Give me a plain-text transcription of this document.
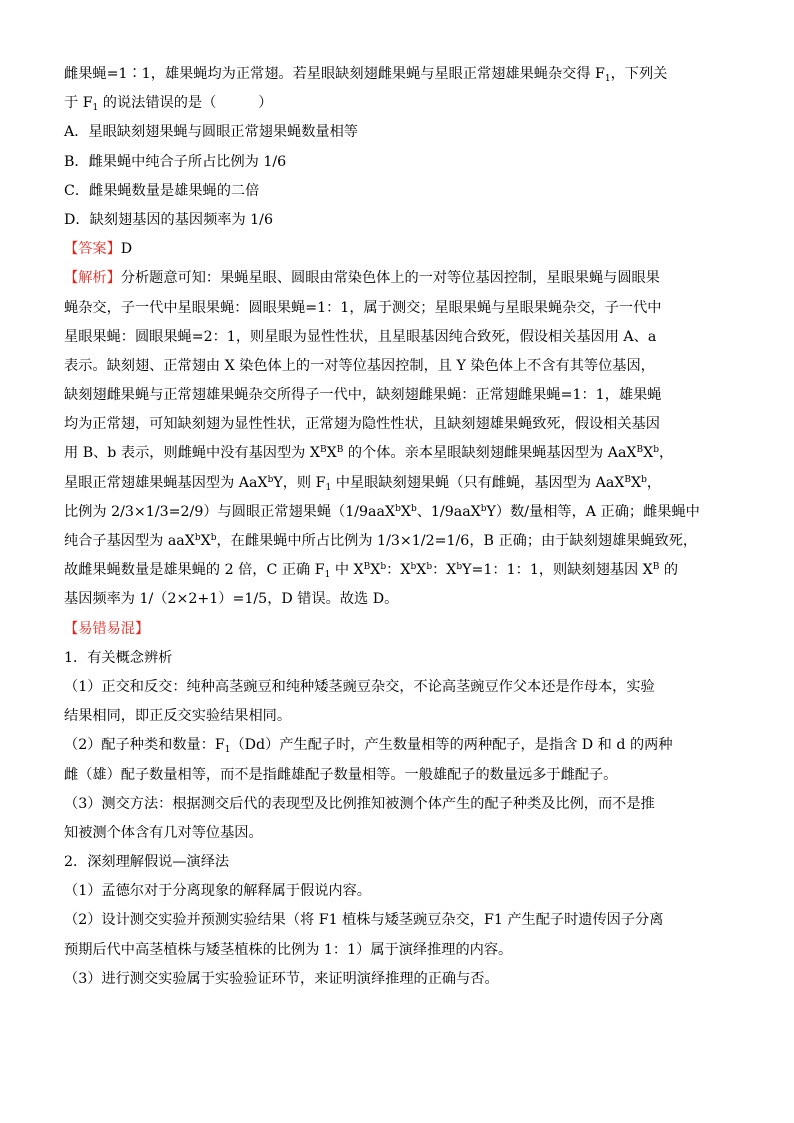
雌果蝇=1∶1，雄果蝇均为正常翅。若星眼缺刻翅雌果蝇与星眼正常翅雄果蝇杂交得 $F_1$，下列关

于 $F_1$ 的说法错误的是（	）

A．星眼缺刻翅果蝇与圆眼正常翅果蝇数量相等

B．雌果蝇中纯合子所占比例为 1/6

C．雌果蝇数量是雄果蝇的二倍

D．缺刻翅基因的基因频率为 1/6

【答案】D

【解析】分析题意可知：果蝇星眼、圆眼由常染色体上的一对等位基因控制，星眼果蝇与圆眼果

蝇杂交，子一代中星眼果蝇：圆眼果蝇=1：1，属于测交；星眼果蝇与星眼果蝇杂交，子一代中

星眼果蝇：圆眼果蝇=2：1，则星眼为显性性状，且星眼基因纯合致死，假设相关基因用 A、a

表示。缺刻翅、正常翅由 X 染色体上的一对等位基因控制，且 Y 染色体上不含有其等位基因，

缺刻翅雌果蝇与正常翅雄果蝇杂交所得子一代中，缺刻翅雌果蝇：正常翅雌果蝇=1：1，雄果蝇

均为正常翅，可知缺刻翅为显性性状，正常翅为隐性性状，且缺刻翅雄果蝇致死，假设相关基因

用 B、b 表示，则雌蝇中没有基因型为 $X^BX^B$ 的个体。亲本星眼缺刻翅雌果蝇基因型为 $AaX^BX^b$，

星眼正常翅雄果蝇基因型为 AaX$^b$Y，则 $F_1$ 中星眼缺刻翅果蝇（只有雌蝇，基因型为 $AaX^BX^b$，

比例为 2/3×1/3=2/9）与圆眼正常翅果蝇（$1/9aaX^bX^b$、1/9aaX$^b$Y）数/量相等，A 正确；雌果蝇中

纯合子基因型为 $aaX^bX^b$，在雌果蝇中所占比例为 1/3×1/2=1/6，B 正确；由于缺刻翅雄果蝇致死，

故雌果蝇数量是雄果蝇的 2 倍，C 正确 $F_1$ 中 $X^BX^b$：$X^bX^b$：$X^bY=1$：1：1，则缺刻翅基因 $X^B$ 的

基因频率为 1/（2×2+1）=1/5，D 错误。故选 D。

【易错易混】

1．有关概念辨析

（1）正交和反交：纯种高茎豌豆和纯种矮茎豌豆杂交，不论高茎豌豆作父本还是作母本，实验

结果相同，即正反交实验结果相同。

（2）配子种类和数量：$F_1(Dd)$产生配子时，产生数量相等的两种配子，是指含 D 和 d 的两种

雌（雄）配子数量相等，而不是指雌雄配子数量相等。一般雄配子的数量远多于雌配子。

（3）测交方法：根据测交后代的表现型及比例推知被测个体产生的配子种类及比例，而不是推

知被测个体含有几对等位基因。

2．深刻理解假说—演绎法

（1）孟德尔对于分离现象的解释属于假说内容。

（2）设计测交实验并预测实验结果（将 F1 植株与矮茎豌豆杂交，F1 产生配子时遗传因子分离

预期后代中高茎植株与矮茎植株的比例为 1：1）属于演绎推理的内容。

（3）进行测交实验属于实验验证环节，来证明演绎推理的正确与否。
